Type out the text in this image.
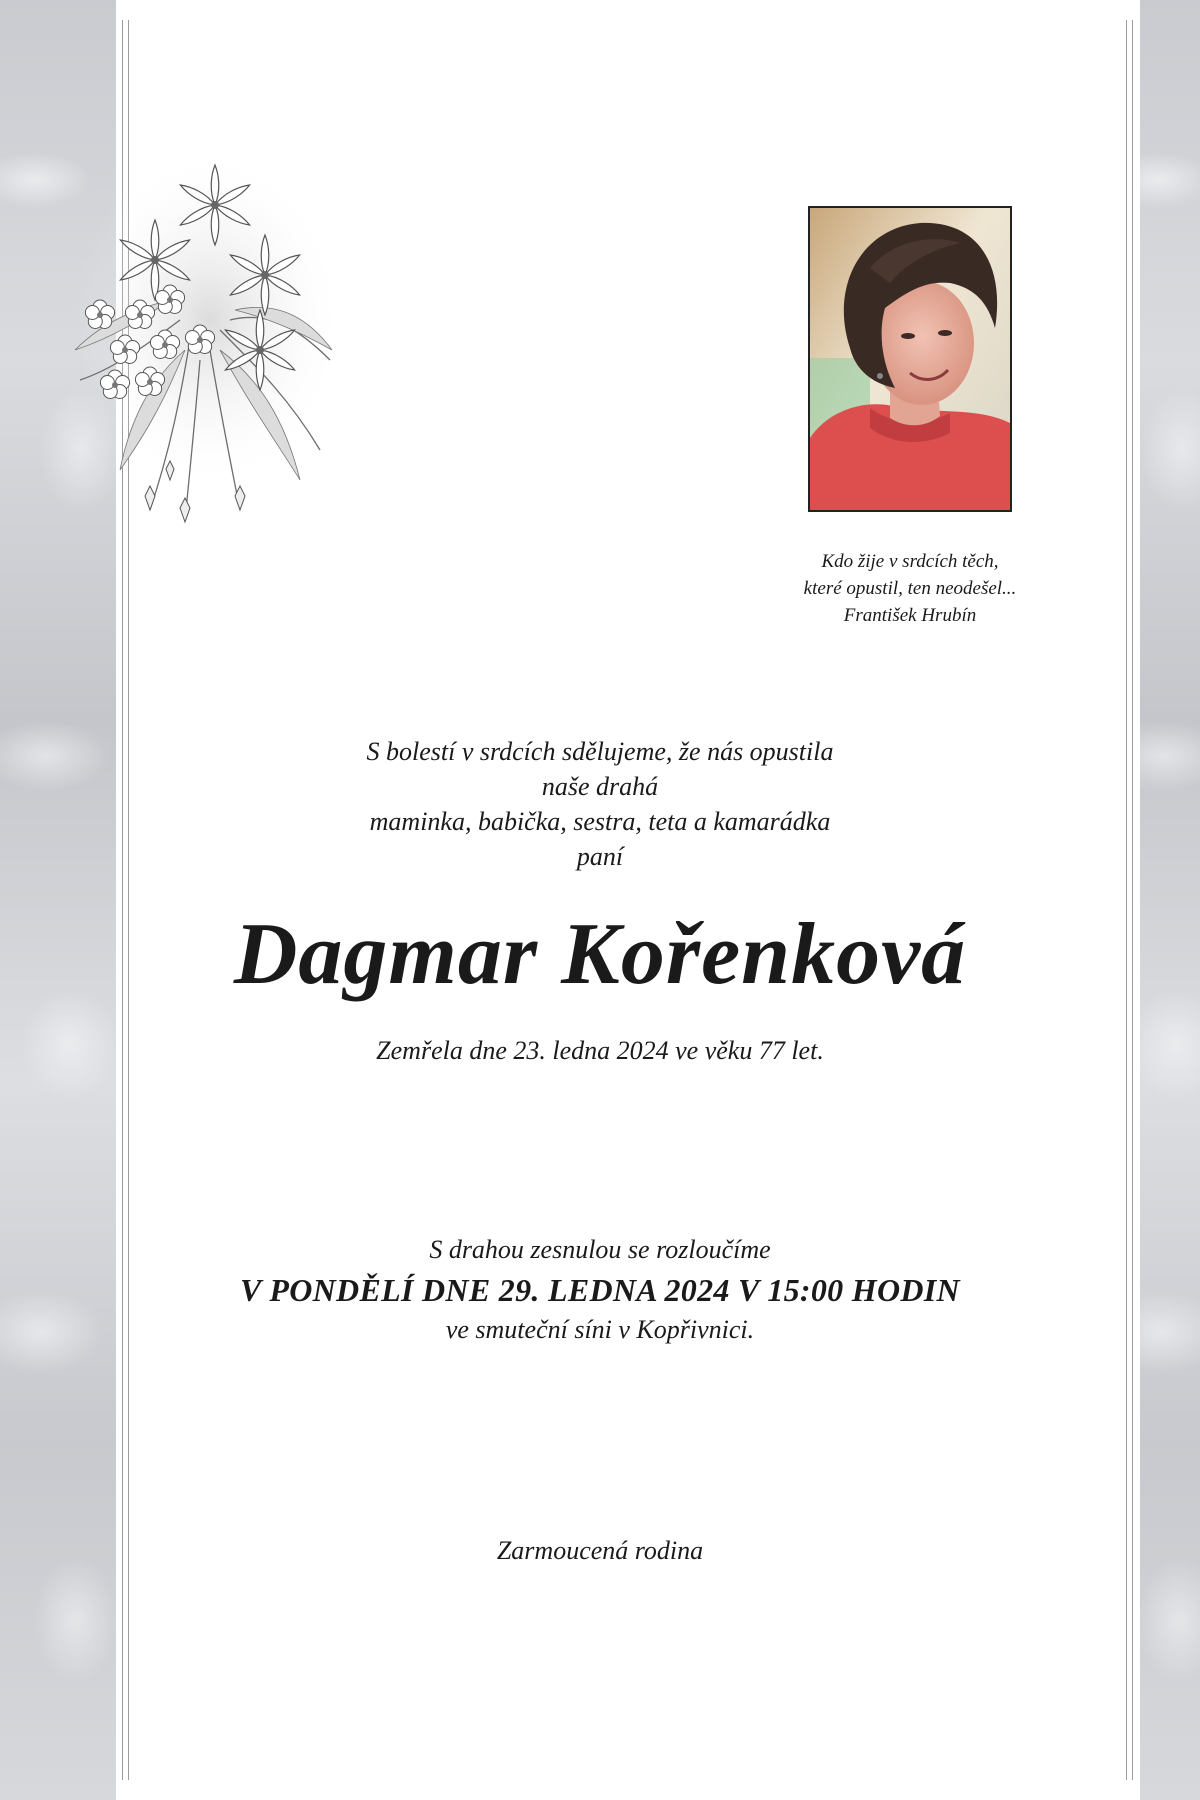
Kdo žije v srdcích těch,
které opustil, ten neodešel...
František Hrubín
S bolestí v srdcích sdělujeme, že nás opustila
naše drahá
maminka, babička, sestra, teta a kamarádka
paní
Dagmar Kořenková
Zemřela dne 23. ledna 2024 ve věku 77 let.
S drahou zesnulou se rozloučíme
V PONDĚLÍ DNE 29. LEDNA 2024 V 15:00 HODIN
ve smuteční síni v Kopřivnici.
Zarmoucená rodina
